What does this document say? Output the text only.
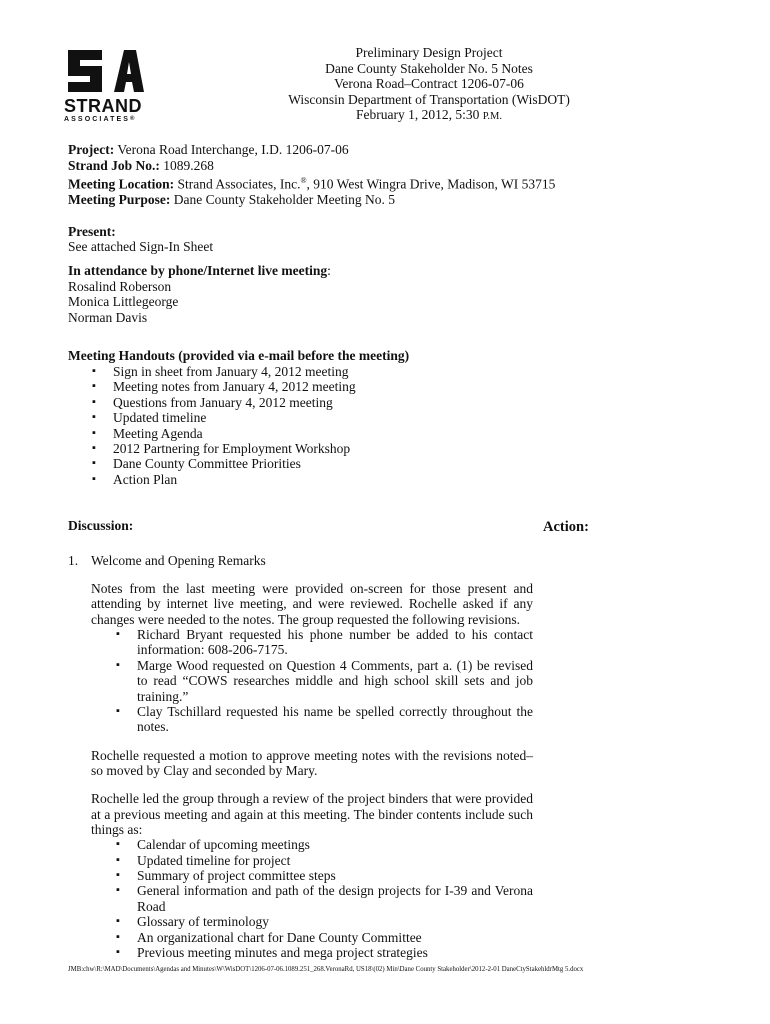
STRAND
ASSOCIATES®
Preliminary Design Project
Dane County Stakeholder No. 5 Notes
Verona Road–Contract 1206-07-06
Wisconsin Department of Transportation (WisDOT)
February 1, 2012, 5:30 P.M.
Project: Verona Road Interchange, I.D. 1206-07-06
Strand Job No.: 1089.268
Meeting Location: Strand Associates, Inc.®, 910 West Wingra Drive, Madison, WI 53715
Meeting Purpose: Dane County Stakeholder Meeting No. 5
Present:
See attached Sign-In Sheet
In attendance by phone/Internet live meeting:
Rosalind Roberson
Monica Littlegeorge
Norman Davis
Meeting Handouts (provided via e-mail before the meeting)
▪ Sign in sheet from January 4, 2012 meeting
▪ Meeting notes from January 4, 2012 meeting
▪ Questions from January 4, 2012 meeting
▪ Updated timeline
▪ Meeting Agenda
▪ 2012 Partnering for Employment Workshop
▪ Dane County Committee Priorities
▪ Action Plan
Discussion:	Action:
1. Welcome and Opening Remarks
Notes from the last meeting were provided on-screen for those present and attending by internet live meeting, and were reviewed. Rochelle asked if any changes were needed to the notes. The group requested the following revisions.
▪ Richard Bryant requested his phone number be added to his contact information: 608-206-7175.
▪ Marge Wood requested on Question 4 Comments, part a. (1) be revised to read “COWS researches middle and high school skill sets and job training.”
▪ Clay Tschillard requested his name be spelled correctly throughout the notes.
Rochelle requested a motion to approve meeting notes with the revisions noted–so moved by Clay and seconded by Mary.
Rochelle led the group through a review of the project binders that were provided at a previous meeting and again at this meeting. The binder contents include such things as:
▪ Calendar of upcoming meetings
▪ Updated timeline for project
▪ Summary of project committee steps
▪ General information and path of the design projects for I-39 and Verona Road
▪ Glossary of terminology
▪ An organizational chart for Dane County Committee
▪ Previous meeting minutes and mega project strategies
JMB:chw\R:\MAD\Documents\Agendas and Minutes\W\WisDOT\1206-07-06.1089.251_268.VeronaRd, US18\(02) Min\Dane County Stakeholder\2012-2-01 DaneCtyStakehldrMtg 5.docx
